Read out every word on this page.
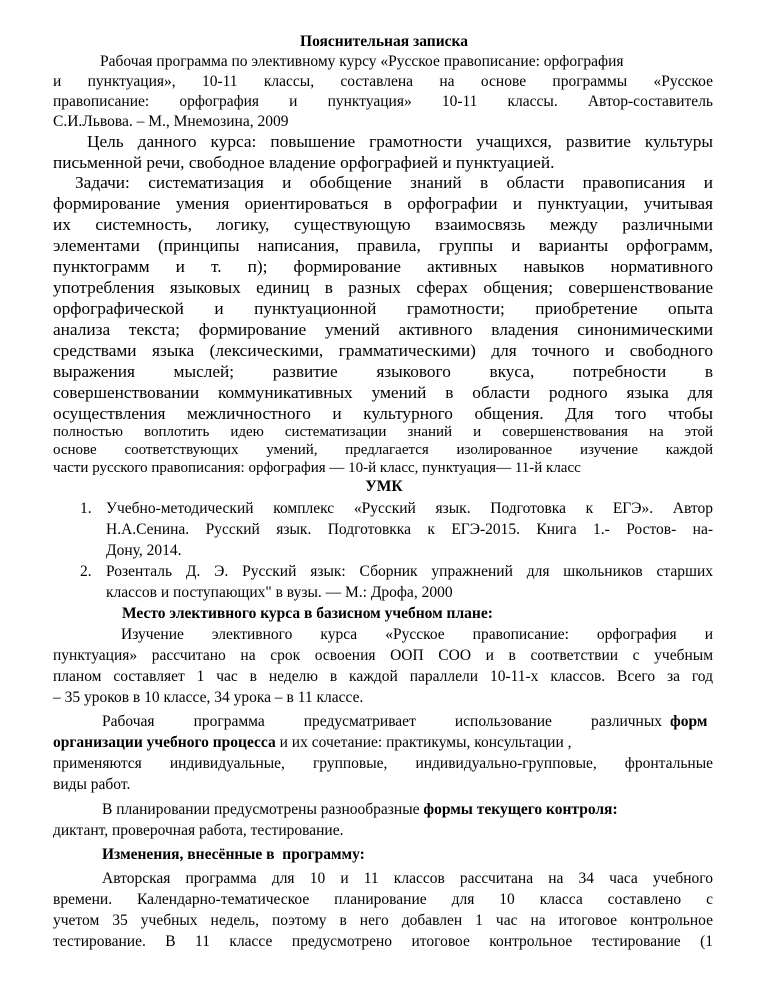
Пояснительная записка
Рабочая программа по элективному курсу «Русское правописание: орфография
и пунктуация», 10-11 классы, составлена на основе программы «Русское
правописание: орфография и пунктуация» 10-11 классы. Автор-составитель
С.И.Львова. – М., Мнемозина, 2009
Цель данного курса: повышение грамотности учащихся, развитие культуры
письменной речи, свободное владение орфографией и пунктуацией.
Задачи: систематизация и обобщение знаний в области правописания и
формирование умения ориентироваться в орфографии и пунктуации, учитывая
их системность, логику, существующую взаимосвязь между различными
элементами (принципы написания, правила, группы и варианты орфограмм,
пунктограмм и т. п); формирование активных навыков нормативного
употребления языковых единиц в разных сферах общения; совершенствование
орфографической и пунктуационной грамотности; приобретение опыта
анализа текста; формирование умений активного владения синонимическими
средствами языка (лексическими, грамматическими) для точного и свободного
выражения мыслей; развитие языкового вкуса, потребности в
совершенствовании коммуникативных умений в области родного языка для
осуществления межличностного и культурного общения. Для того чтобы
полностью воплотить идею систематизации знаний и совершенствования на этой
основе соответствующих умений, предлагается изолированное изучение каждой
части русского правописания: орфография — 10-й класс, пунктуация— 11-й класс
УМК
1. Учебно-методический комплекс «Русский язык. Подготовка к ЕГЭ». Автор
Н.А.Сенина. Русский язык. Подготовкка к ЕГЭ-2015. Книга 1.- Ростов- на-
Дону, 2014.
2. Розенталь Д. Э. Русский язык: Сборник упражнений для школьников старших
классов и поступающих" в вузы. — М.: Дрофа, 2000
Место элективного курса в базисном учебном плане:
Изучение элективного курса «Русское правописание: орфография и
пунктуация» рассчитано на срок освоения ООП СОО и в соответствии с учебным
планом составляет 1 час в неделю в каждой параллели 10-11-х классов. Всего за год
– 35 уроков в 10 классе, 34 урока – в 11 классе.
Рабочая программа предусматривает использование различных форм
организации учебного процесса и их сочетание: практикумы, консультации ,
применяются индивидуальные, групповые, индивидуально-групповые, фронтальные
виды работ.
В планировании предусмотрены разнообразные формы текущего контроля:
диктант, проверочная работа, тестирование.
Изменения, внесённые в  программу:
Авторская программа для 10 и 11 классов рассчитана на 34 часа учебного
времени. Календарно-тематическое планирование для 10 класса составлено с
учетом 35 учебных недель, поэтому в него добавлен 1 час на итоговое контрольное
тестирование. В 11 классе предусмотрено итоговое контрольное тестирование (1
